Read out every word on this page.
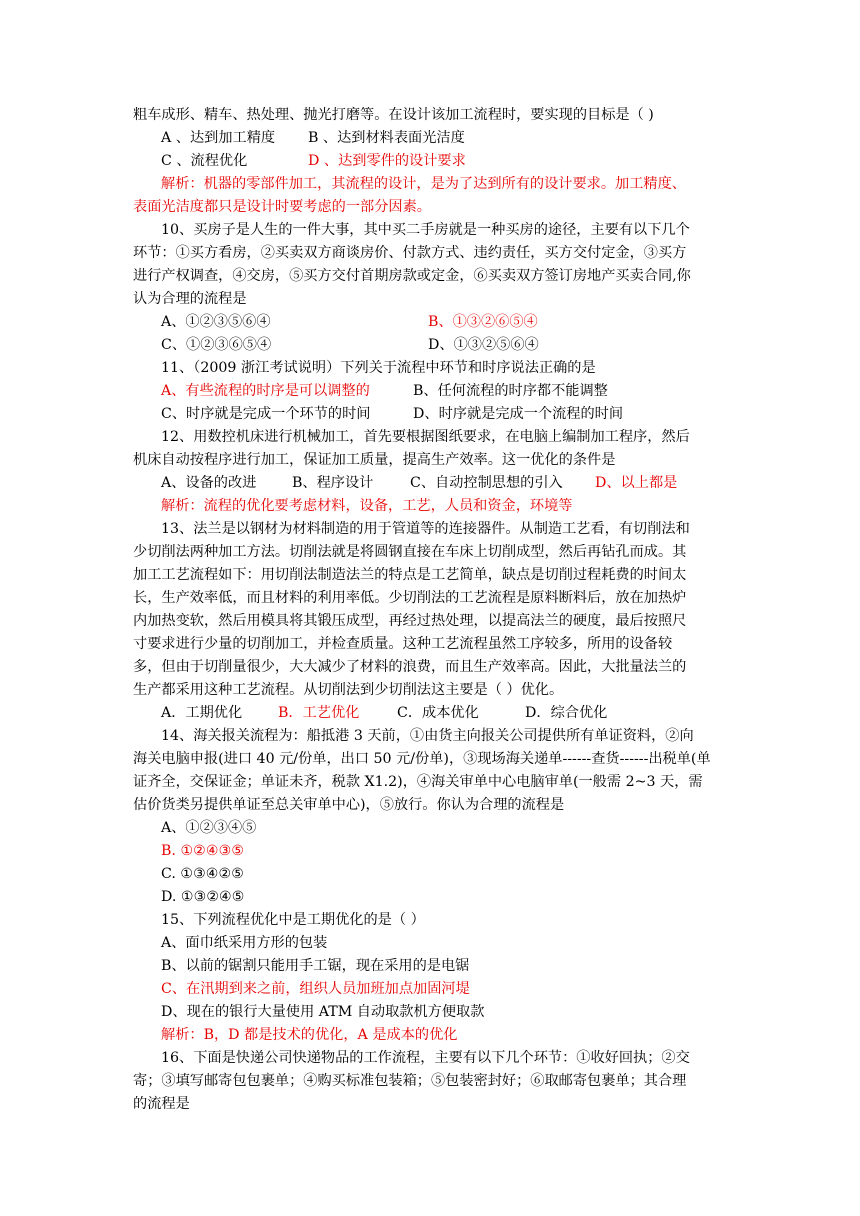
粗车成形、精车、热处理、抛光打磨等。在设计该加工流程时，要实现的目标是（ )
A 、达到加工精度 B 、达到材料表面光洁度
C 、流程优化	D 、达到零件的设计要求
解析：机器的零部件加工，其流程的设计，是为了达到所有的设计要求。加工精度、
表面光洁度都只是设计时要考虑的一部分因素。
10、买房子是人生的一件大事，其中买二手房就是一种买房的途径，主要有以下几个
环节：①买方看房，②买卖双方商谈房价、付款方式、违约责任，买方交付定金，③买方
进行产权调查，④交房，⑤买方交付首期房款或定金，⑥买卖双方签订房地产买卖合同,你
认为合理的流程是
A、①②③⑤⑥④	B、①③②⑥⑤④
C、①②③⑥⑤④	D、①③②⑤⑥④
11、（2009 浙江考试说明）下列关于流程中环节和时序说法正确的是
A、有些流程的时序是可以调整的	B、任何流程的时序都不能调整
C、时序就是完成一个环节的时间	D、时序就是完成一个流程的时间
12、用数控机床进行机械加工，首先要根据图纸要求，在电脑上编制加工程序，然后
机床自动按程序进行加工，保证加工质量，提高生产效率。这一优化的条件是
A、设备的改进	B、程序设计	C、自动控制思想的引入 D、以上都是
解析：流程的优化要考虑材料，设备，工艺，人员和资金，环境等
13、法兰是以钢材为材料制造的用于管道等的连接器件。从制造工艺看，有切削法和
少切削法两种加工方法。切削法就是将圆钢直接在车床上切削成型，然后再钻孔而成。其
加工工艺流程如下：用切削法制造法兰的特点是工艺简单，缺点是切削过程耗费的时间太
长，生产效率低，而且材料的利用率低。少切削法的工艺流程是原料断料后，放在加热炉
内加热变软，然后用模具将其锻压成型，再经过热处理，以提高法兰的硬度，最后按照尺
寸要求进行少量的切削加工，并检查质量。这种工艺流程虽然工序较多，所用的设备较
多，但由于切削量很少，大大减少了材料的浪费，而且生产效率高。因此，大批量法兰的
生产都采用这种工艺流程。从切削法到少切削法这主要是（ ）优化。
A．工期优化	B．工艺优化	C．成本优化	D．综合优化
14、海关报关流程为：船抵港 3 天前，①由货主向报关公司提供所有单证资料，②向
海关电脑申报(进口 40 元/份单，出口 50 元/份单)，③现场海关递单------查货------出税单(单
证齐全，交保证金；单证未齐，税款 X1.2)，④海关审单中心电脑审单(一般需 2~3 天，需
估价货类另提供单证至总关审单中心)，⑤放行。你认为合理的流程是
A、①②③④⑤
B. ①②④③⑤
C. ①③④②⑤
D. ①③②④⑤
15、下列流程优化中是工期优化的是（ ）
A、面巾纸采用方形的包装
B、以前的锯割只能用手工锯，现在采用的是电锯
C、在汛期到来之前，组织人员加班加点加固河堤
D、现在的银行大量使用 ATM 自动取款机方便取款
解析：B，D 都是技术的优化，A 是成本的优化
16、下面是快递公司快递物品的工作流程，主要有以下几个环节：①收好回执；②交
寄；③填写邮寄包包裹单；④购买标准包装箱；⑤包装密封好；⑥取邮寄包裹单；其合理
的流程是
